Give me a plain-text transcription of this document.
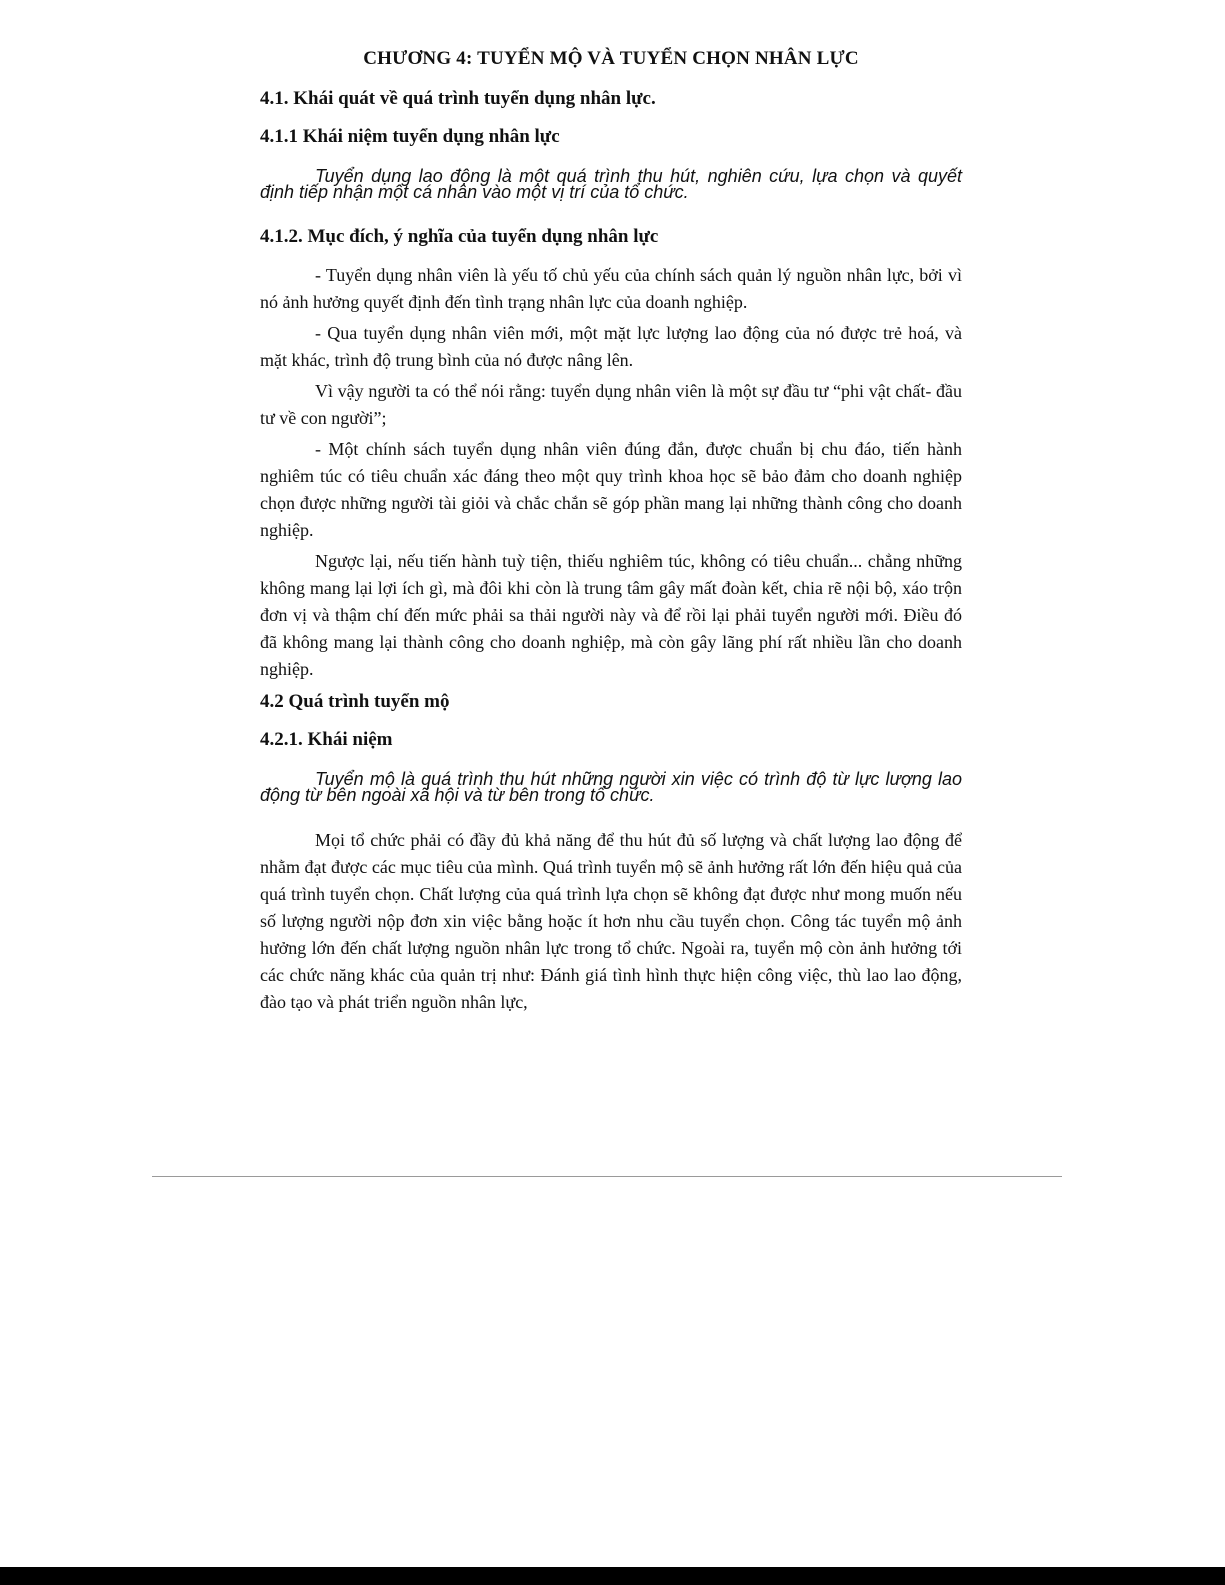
CHƯƠNG 4: TUYỂN MỘ VÀ TUYỂN CHỌN NHÂN LỰC
4.1. Khái quát về quá trình tuyển dụng nhân lực.
4.1.1 Khái niệm tuyển dụng nhân lực
Tuyển dụng lao động là một quá trình thu hút, nghiên cứu, lựa chọn và quyết định tiếp nhận một cá nhân vào một vị trí của tổ chức.
4.1.2. Mục đích, ý nghĩa của tuyển dụng nhân lực

- Tuyển dụng nhân viên là yếu tố chủ yếu của chính sách quản lý nguồn nhân lực, bởi vì nó ảnh hưởng quyết định đến tình trạng nhân lực của doanh nghiệp.

- Qua tuyển dụng nhân viên mới, một mặt lực lượng lao động của nó được trẻ hoá, và mặt khác, trình độ trung bình của nó được nâng lên.

Vì vậy người ta có thể nói rằng: tuyển dụng nhân viên là một sự đầu tư “phi vật chất- đầu tư về con người”;

- Một chính sách tuyển dụng nhân viên đúng đắn, được chuẩn bị chu đáo, tiến hành nghiêm túc có tiêu chuẩn xác đáng theo một quy trình khoa học sẽ bảo đảm cho doanh nghiệp chọn được những người tài giỏi và chắc chắn sẽ góp phần mang lại những thành công cho doanh nghiệp.

Ngược lại, nếu tiến hành tuỳ tiện, thiếu nghiêm túc, không có tiêu chuẩn... chẳng những không mang lại lợi ích gì, mà đôi khi còn là trung tâm gây mất đoàn kết, chia rẽ nội bộ, xáo trộn đơn vị và thậm chí đến mức phải sa thải người này và để rồi lại phải tuyển người mới. Điều đó đã không mang lại thành công cho doanh nghiệp, mà còn gây lãng phí rất nhiều lần cho doanh nghiệp.

4.2 Quá trình tuyển mộ
4.2.1. Khái niệm
Tuyển mộ là quá trình thu hút những người xin việc có trình độ từ lực lượng lao động từ bên ngoài xã hội và từ bên trong tổ chức.

Mọi tổ chức phải có đầy đủ khả năng để thu hút đủ số lượng và chất lượng lao động để nhằm đạt được các mục tiêu của mình. Quá trình tuyển mộ sẽ ảnh hưởng rất lớn đến hiệu quả của quá trình tuyển chọn. Chất lượng của quá trình lựa chọn sẽ không đạt được như mong muốn nếu số lượng người nộp đơn xin việc bằng hoặc ít hơn nhu cầu tuyển chọn. Công tác tuyển mộ ảnh hưởng lớn đến chất lượng nguồn nhân lực trong tổ chức. Ngoài ra, tuyển mộ còn ảnh hưởng tới các chức năng khác của quản trị như: Đánh giá tình hình thực hiện công việc, thù lao lao động, đào tạo và phát triển nguồn nhân lực,
